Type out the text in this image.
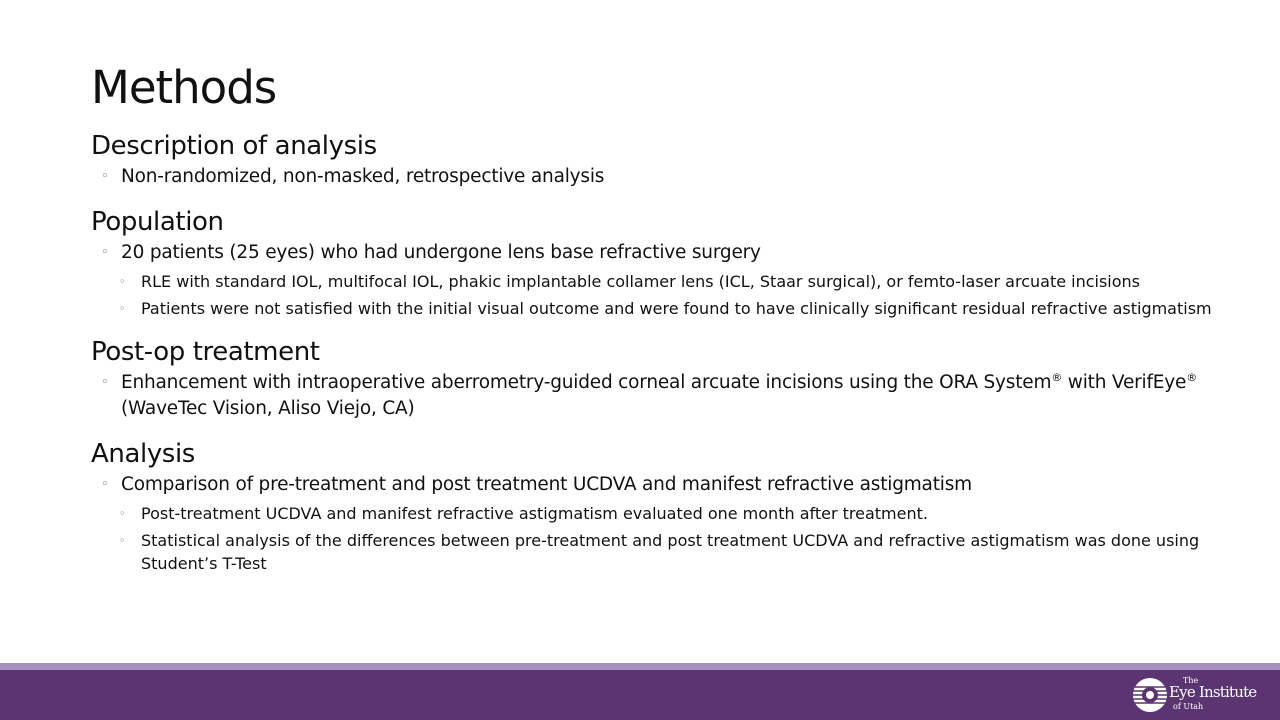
Methods
Description of analysis
◦ Non-randomized, non-masked, retrospective analysis
Population
◦ 20 patients (25 eyes) who had undergone lens base refractive surgery
◦ RLE with standard IOL, multifocal IOL, phakic implantable collamer lens (ICL, Staar surgical), or femto-laser arcuate incisions
◦ Patients were not satisfied with the initial visual outcome and were found to have clinically significant residual refractive astigmatism
Post-op treatment
◦ Enhancement with intraoperative aberrometry-guided corneal arcuate incisions using the ORA System® with VerifEye® (WaveTec Vision, Aliso Viejo, CA)
Analysis
◦ Comparison of pre-treatment and post treatment UCDVA and manifest refractive astigmatism
◦ Post-treatment UCDVA and manifest refractive astigmatism evaluated one month after treatment.
◦ Statistical analysis of the differences between pre-treatment and post treatment UCDVA and refractive astigmatism was done using Student’s T-Test
The
Eye Institute
of Utah
